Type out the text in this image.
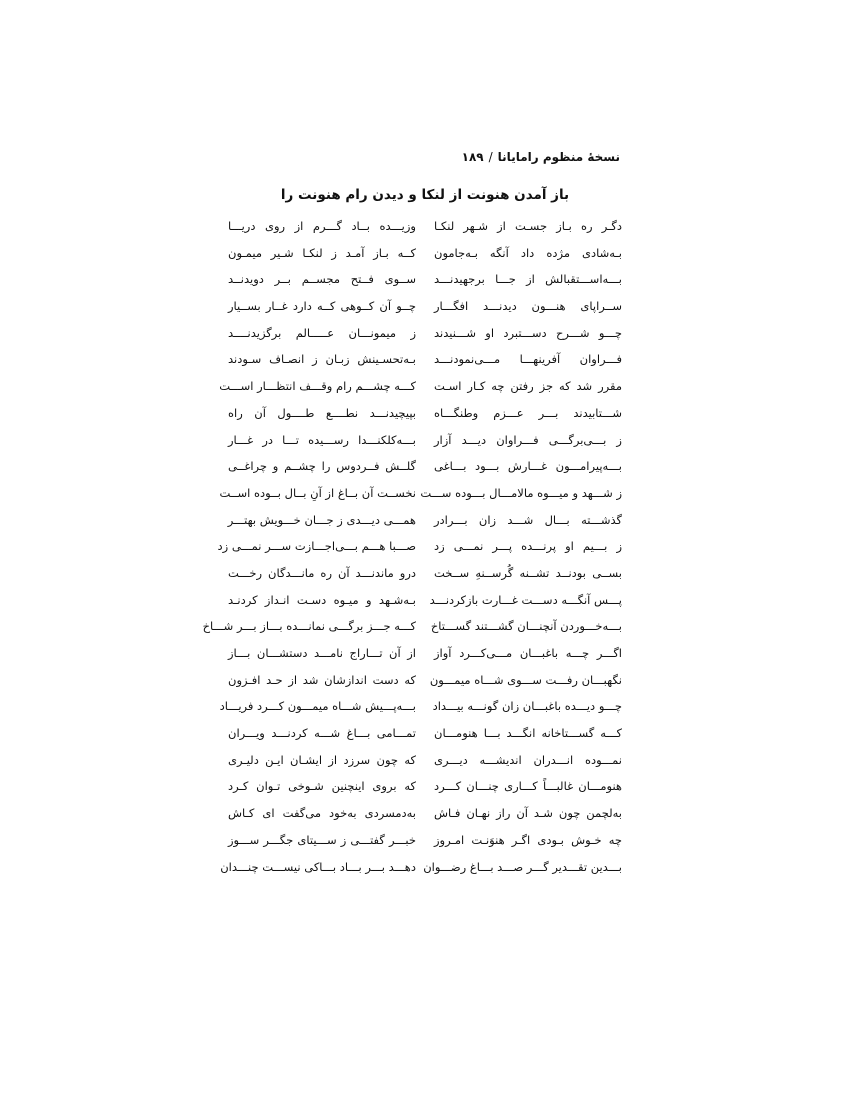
نسخهٔ منظوم رامایانا/۱۸۹
باز آمدن هنونت از لنکا و دیدن رام هنونت را
دگـر ره بـاز جسـت از شـهر لنکـا
وزیـــده بــاد گـــرم از روی دریـــا
بـه‌شادی مژده داد آنگه بـه‌جامون
کــه بـاز آمـد ز لنکـا شـیر میمـون
بـــه‌اســـتقبالش از جـــا برجهیدنـــد
ســوی فــتح مجســم بــر دویدنــد
ســراپای هنـــون دیدنـــد افگـــار
چــو آن کــوهی کــه دارد غــار بســیار
چـــو شـــرح دســـتبرد او شـــنیدند
ز میمونـــان عـــــالم برگزیدنــــد
فـــراوان آفرینهـــا مـــی‌نمودنـــد
بـه‌تحسـینش زبـان ز انصـاف سـودند
مقرر شد که جز رفتن چه کـار اسـت
کـــه چشـــم رام وقـــف انتظـــار اســـت
شـــتابیدند بـــر عـــزم وطنگـــاه
بپیچیدنـــد نطــــع طــــول آن راه
ز بـــی‌برگـــی فـــراوان دیـــد آزار
بـــه‌کلکنـــدا رســـیده تـــا در غـــار
بـــه‌پیرامـــون غـــارش بـــود بـــاغی
گلــش فــردوس را چشــم و چراغــی
ز شـــهد و میـــوه مالامـــال بـــوده ســـت
نخســت آن بــاغ از آنِ بــال بــوده اســت
گذشـــته بـــال شـــد زان بـــرادر
همـــی دیـــدی ز جـــان خـــویش بهتـــر
ز بـــیم او پرنـــده پـــر نمـــی زد
صـــبا هـــم بـــی‌اجـــازت ســـر نمـــی زد
بســی بودنــد تشــنه گُرســنهِ ســخت
درو ماندنـــد آن ره مانـــدگان رخـــت
پـــس آنگـــه دســـت غـــارت بازکردنـــد
بـه‌شـهد و میـوه دسـت انـداز کردنـد
بـــه‌خـــوردن آنچنـــان گشـــتند گســـتاخ
کـــه جـــز برگـــی نمانـــده بـــاز بـــر شـــاخ
اگـــر چـــه باغبـــان مـــی‌کـــرد آواز
از آن تـــاراج نامـــد دستشـــان بـــاز
نگهبـــان رفـــت ســـوی شـــاه میمـــون
که دست اندازشان شد از حـد افـزون
چـــو دیـــده باغبـــان زان گونـــه بیـــداد
بـــه‌پـــیش شـــاه میمـــون کـــرد فریـــاد
کـــه گســـتاخانه انگـــد بـــا هنومـــان
تمـــامی بـــاغ شـــه کردنـــد ویـــران
نمـــوده انـــدران اندیشـــه دیـــری
که چون سرزد از ایشـان ایـن دلیـری
هنومـــان غالبـــاً کـــاری چنـــان کـــرد
که بروی اینچنین شـوخی تـوان کـرد
به‌لچمن چون شـد آن راز نهـان فـاش
به‌دمسردی به‌خود می‌گفت ای کـاش
چه خـوش بـودی اگـر هنوَنـت امـروز
خبـــر گفتـــی ز ســـیتای جگـــر ســـوز
بـــدین تقـــدیر گـــر صـــد بـــاغ رضـــوان
دهـــد بـــر بـــاد بـــاکی نیســـت چنـــدان
